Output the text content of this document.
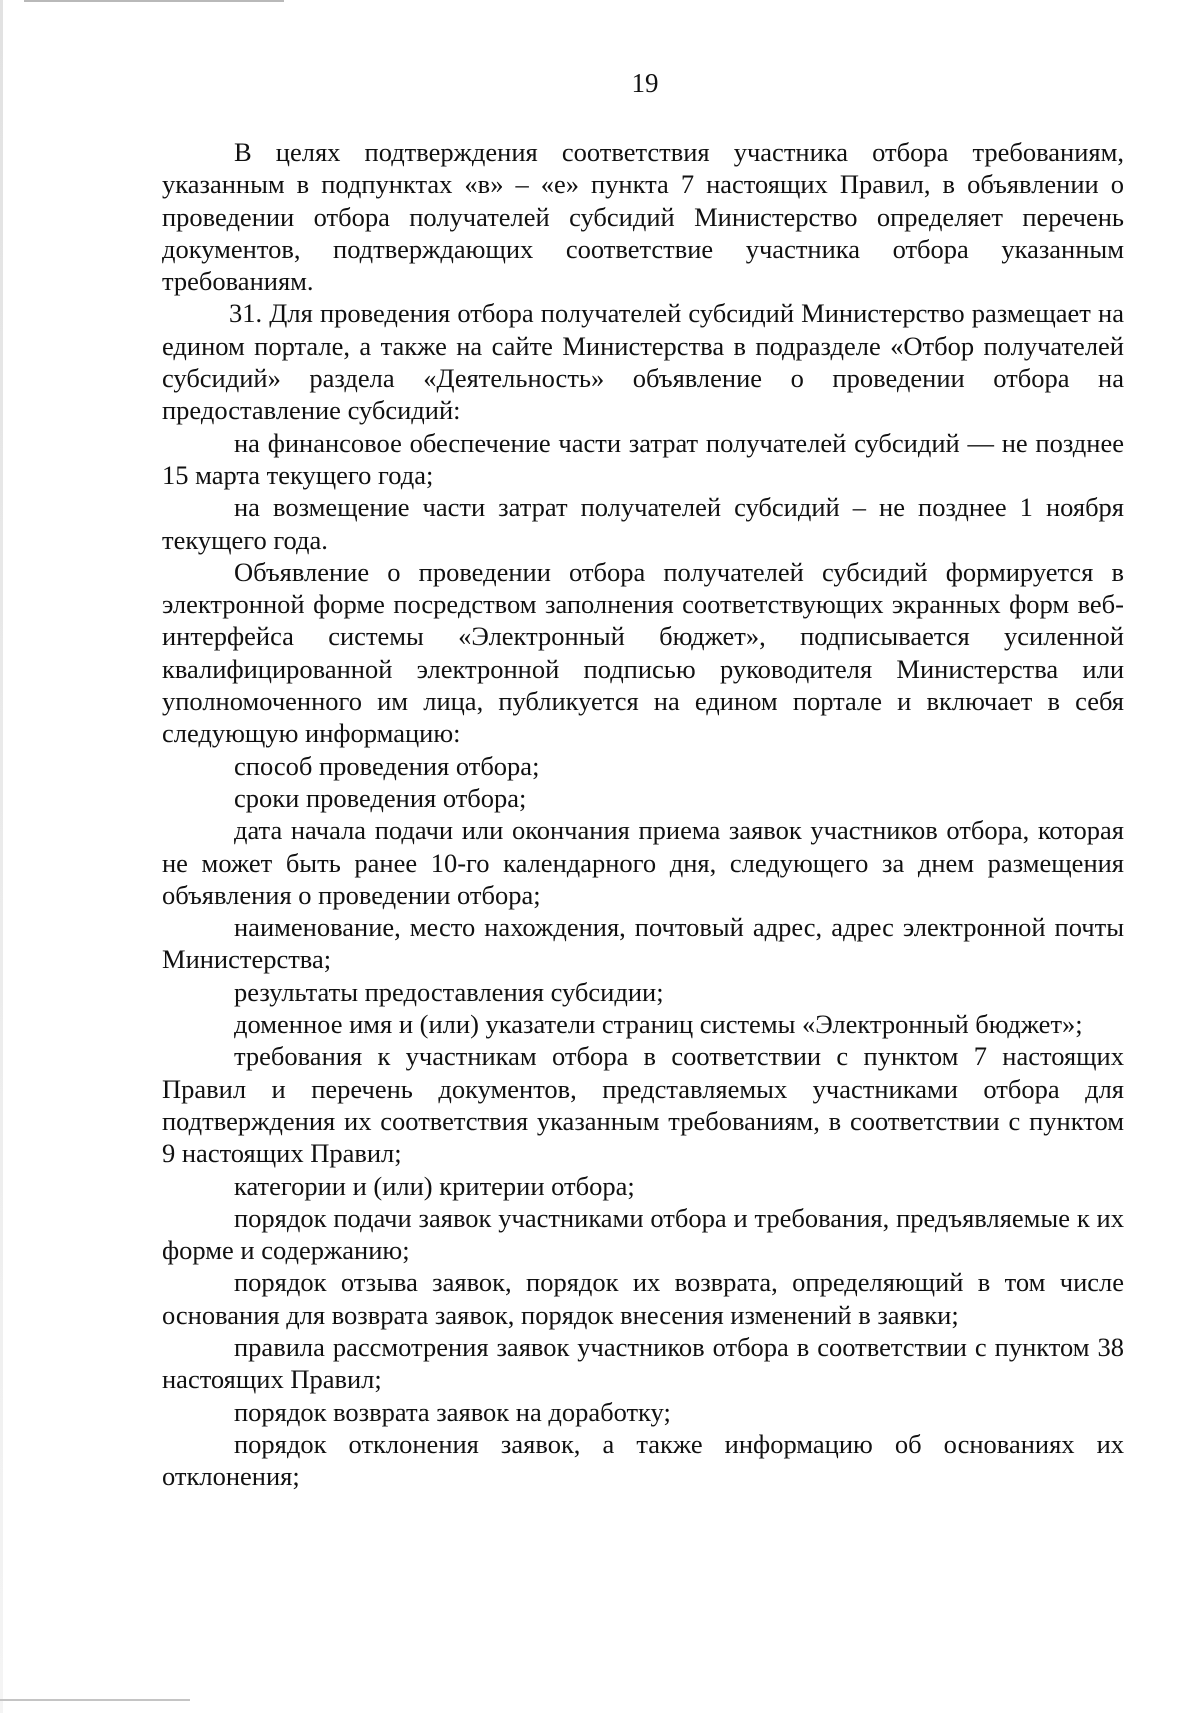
19

В целях подтверждения соответствия участника отбора требованиям, указанным в подпунктах «в» – «е» пункта 7 настоящих Правил, в объявлении о проведении отбора получателей субсидий Министерство определяет перечень документов, подтверждающих соответствие участника отбора указанным требованиям.

31. Для проведения отбора получателей субсидий Министерство размещает на едином портале, а также на сайте Министерства в подразделе «Отбор получателей субсидий» раздела «Деятельность» объявление о проведении отбора на предоставление субсидий:

на финансовое обеспечение части затрат получателей субсидий — не позднее 15 марта текущего года;

на возмещение части затрат получателей субсидий – не позднее 1 ноября текущего года.

Объявление о проведении отбора получателей субсидий формируется в электронной форме посредством заполнения соответствующих экранных форм веб-интерфейса системы «Электронный бюджет», подписывается усиленной квалифицированной электронной подписью руководителя Министерства или уполномоченного им лица, публикуется на едином портале и включает в себя следующую информацию:

способ проведения отбора;

сроки проведения отбора;

дата начала подачи или окончания приема заявок участников отбора, которая не может быть ранее 10-го календарного дня, следующего за днем размещения объявления о проведении отбора;

наименование, место нахождения, почтовый адрес, адрес электронной почты Министерства;

результаты предоставления субсидии;

доменное имя и (или) указатели страниц системы «Электронный бюджет»;

требования к участникам отбора в соответствии с пунктом 7 настоящих Правил и перечень документов, представляемых участниками отбора для подтверждения их соответствия указанным требованиям, в соответствии с пунктом 9 настоящих Правил;

категории и (или) критерии отбора;

порядок подачи заявок участниками отбора и требования, предъявляемые к их форме и содержанию;

порядок отзыва заявок, порядок их возврата, определяющий в том числе основания для возврата заявок, порядок внесения изменений в заявки;

правила рассмотрения заявок участников отбора в соответствии с пунктом 38 настоящих Правил;

порядок возврата заявок на доработку;

порядок отклонения заявок, а также информацию об основаниях их отклонения;
